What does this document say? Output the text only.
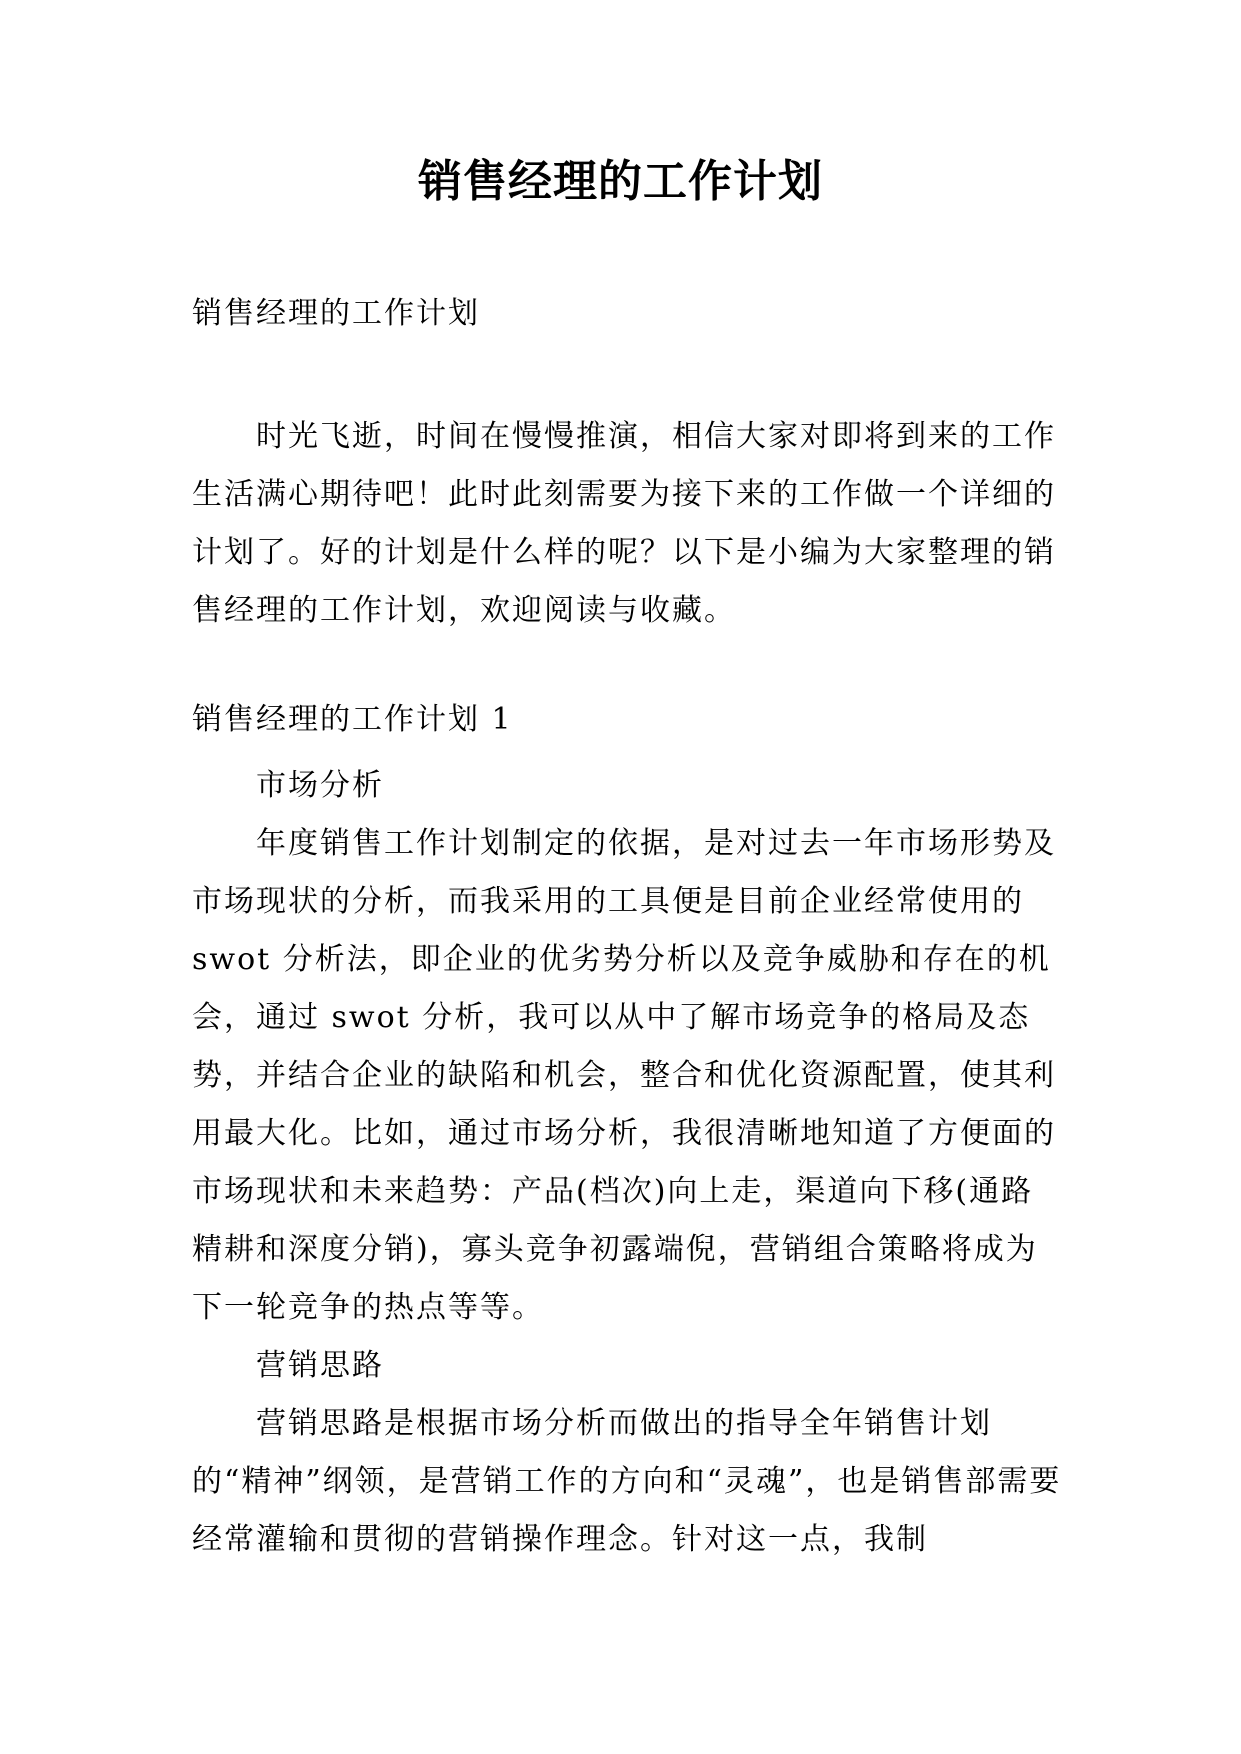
销售经理的工作计划
销售经理的工作计划

时光飞逝，时间在慢慢推演，相信大家对即将到来的工作生活满心期待吧！此时此刻需要为接下来的工作做一个详细的计划了。好的计划是什么样的呢？以下是小编为大家整理的销售经理的工作计划，欢迎阅读与收藏。

销售经理的工作计划 1

市场分析

年度销售工作计划制定的依据，是对过去一年市场形势及市场现状的分析，而我采用的工具便是目前企业经常使用的 swot 分析法，即企业的优劣势分析以及竞争威胁和存在的机会，通过 swot 分析，我可以从中了解市场竞争的格局及态势，并结合企业的缺陷和机会，整合和优化资源配置，使其利用最大化。比如，通过市场分析，我很清晰地知道了方便面的市场现状和未来趋势：产品(档次)向上走，渠道向下移(通路精耕和深度分销)，寡头竞争初露端倪，营销组合策略将成为下一轮竞争的热点等等。

营销思路

营销思路是根据市场分析而做出的指导全年销售计划的“精神”纲领，是营销工作的方向和“灵魂”，也是销售部需要经常灌输和贯彻的营销操作理念。针对这一点，我制
